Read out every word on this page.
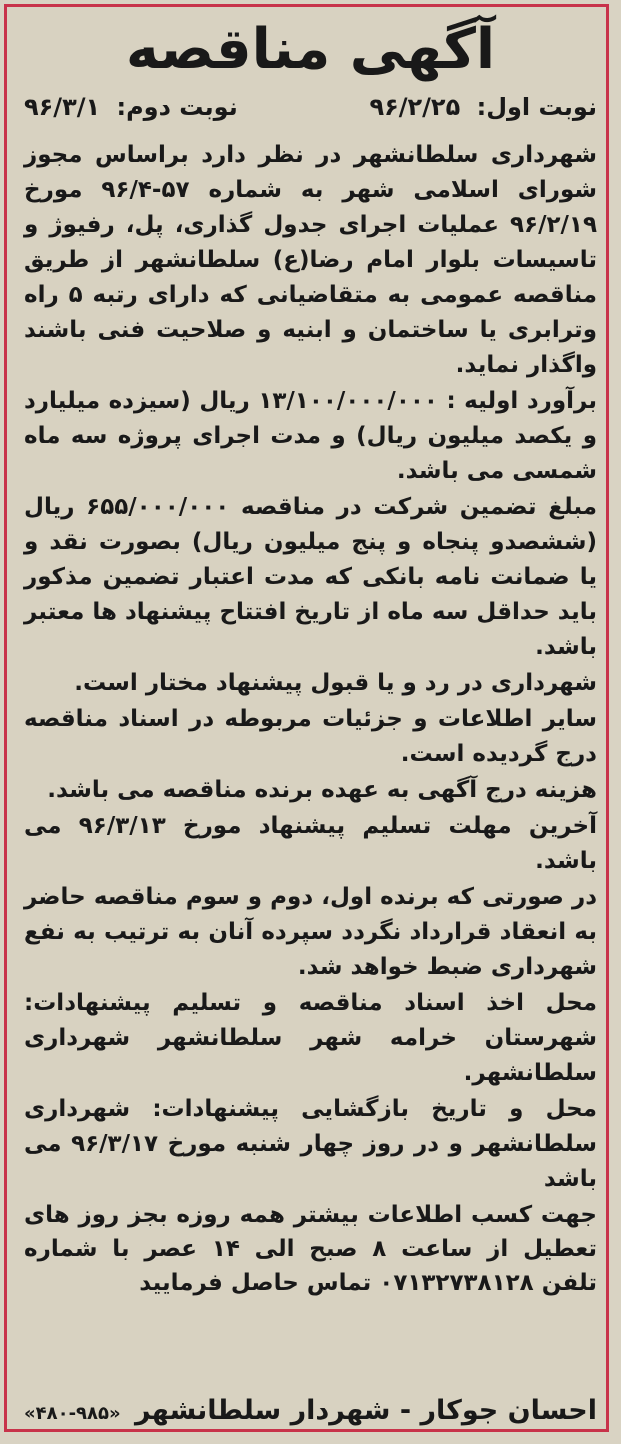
آگهی مناقصه
نوبت اول: ۹۶/۲/۲۵
نوبت دوم: ۹۶/۳/۱

شهرداری سلطانشهر در نظر دارد براساس مجوز شورای اسلامی شهر به شماره ۵۷-۹۶/۴ مورخ ۹۶/۲/۱۹ عملیات اجرای جدول گذاری، پل، رفیوژ و تاسیسات بلوار امام رضا(ع) سلطانشهر از طریق مناقصه عمومی به متقاضیانی که دارای رتبه ۵ راه وترابری یا ساختمان و ابنیه و صلاحیت فنی باشند واگذار نماید.

برآورد اولیه : ۱۳/۱۰۰/۰۰۰/۰۰۰ ریال (سیزده میلیارد و یکصد میلیون ریال) و مدت اجرای پروژه سه ماه شمسی می باشد.

مبلغ تضمین شرکت در مناقصه ۶۵۵/۰۰۰/۰۰۰ ریال (ششصدو پنجاه و پنج میلیون ریال) بصورت نقد و یا ضمانت نامه بانکی که مدت اعتبار تضمین مذکور باید حداقل سه ماه از تاریخ افتتاح پیشنهاد ها معتبر باشد.

شهرداری در رد و یا قبول پیشنهاد مختار است.

سایر اطلاعات و جزئیات مربوطه در اسناد مناقصه درج گردیده است.

هزینه درج آگهی به عهده برنده مناقصه می باشد.

آخرین مهلت تسلیم پیشنهاد مورخ ۹۶/۳/۱۳ می باشد.

در صورتی که برنده اول، دوم و سوم مناقصه حاضر به انعقاد قرارداد نگردد سپرده آنان به ترتیب به نفع شهرداری ضبط خواهد شد.

محل اخذ اسناد مناقصه و تسلیم پیشنهادات: شهرستان خرامه شهر سلطانشهر شهرداری سلطانشهر.

محل و تاریخ بازگشایی پیشنهادات: شهرداری سلطانشهر و در روز چهار شنبه مورخ ۹۶/۳/۱۷ می باشد

جهت کسب اطلاعات بیشتر همه روزه بجز روز های تعطیل از ساعت ۸ صبح الی ۱۴ عصر با شماره تلفن ۰۷۱۳۲۷۳۸۱۲۸ تماس حاصل فرمایید

احسان جوکار - شهردار سلطانشهر
«۴۸۰-۹۸۵»
